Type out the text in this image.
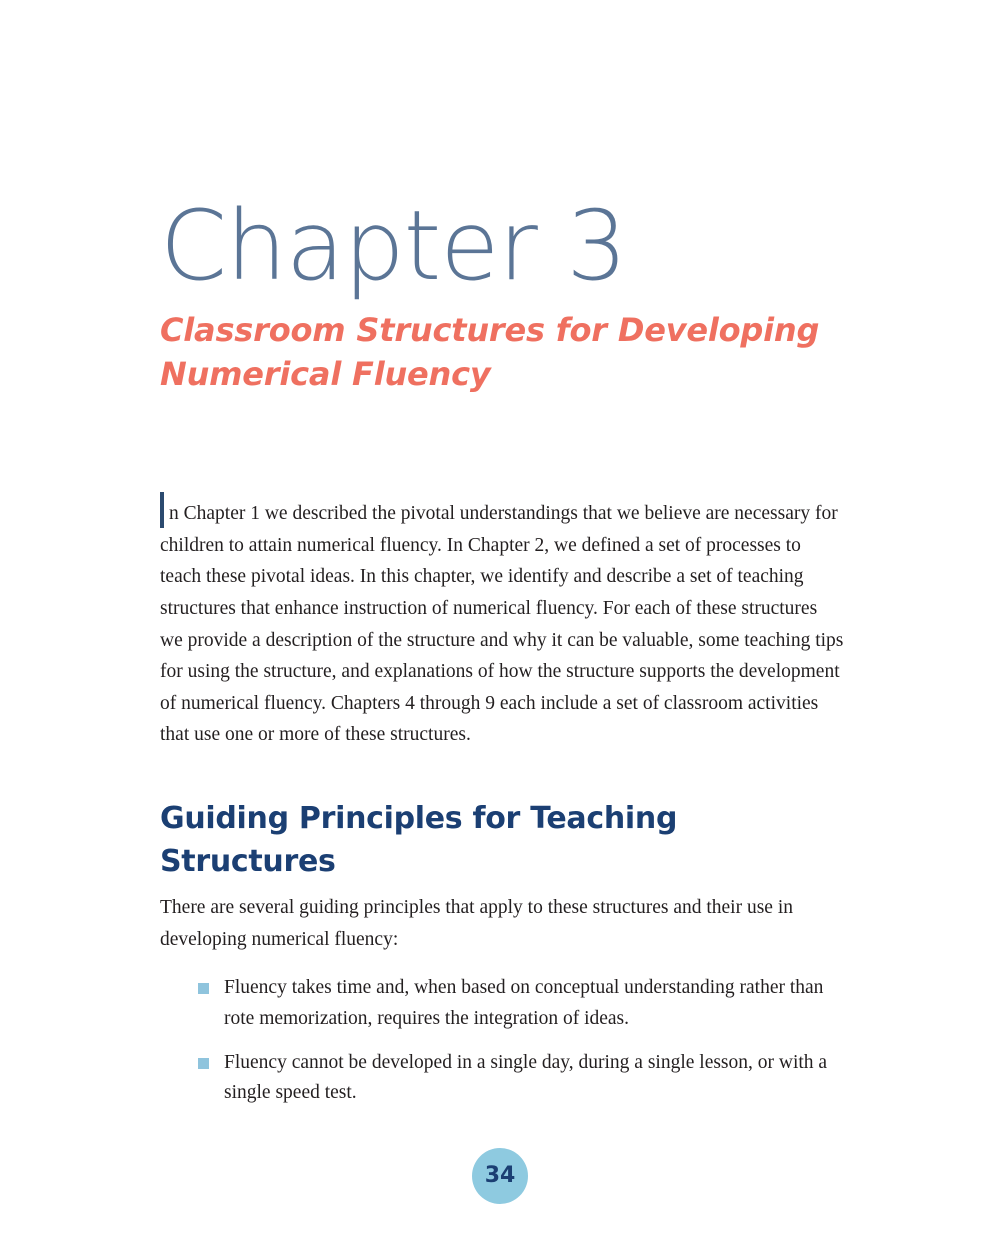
Chapter 3
Classroom Structures for Developing Numerical Fluency

n Chapter 1 we described the pivotal understandings that we believe are necessary for children to attain numerical fluency. In Chapter 2, we defined a set of processes to teach these pivotal ideas. In this chapter, we identify and describe a set of teaching structures that enhance instruction of numerical fluency. For each of these structures we provide a description of the structure and why it can be valuable, some teaching tips for using the structure, and explanations of how the structure supports the development of numerical fluency. Chapters 4 through 9 each include a set of classroom activities that use one or more of these structures.

Guiding Principles for Teaching Structures

There are several guiding principles that apply to these structures and their use in developing numerical fluency:

Fluency takes time and, when based on conceptual understanding rather than rote memorization, requires the integration of ideas.
Fluency cannot be developed in a single day, during a single lesson, or with a single speed test.
34
